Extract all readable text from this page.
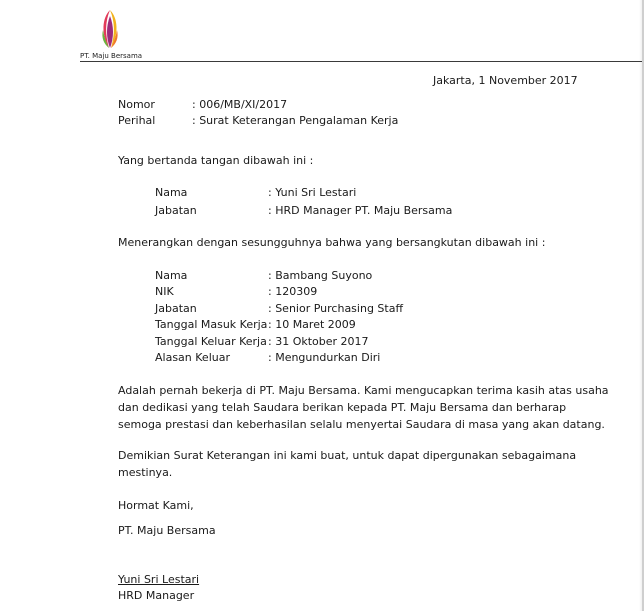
PT. Maju Bersama
Jakarta, 1 November 2017
Nomor	: 006/MB/XI/2017
Perihal	: Surat Keterangan Pengalaman Kerja
Yang bertanda tangan dibawah ini :
Nama	: Yuni Sri Lestari
Jabatan	: HRD Manager PT. Maju Bersama
Menerangkan dengan sesungguhnya bahwa yang bersangkutan dibawah ini :
Nama	: Bambang Suyono
NIK	: 120309
Jabatan	: Senior Purchasing Staff
Tanggal Masuk Kerja : 10 Maret 2009
Tanggal Keluar Kerja : 31 Oktober 2017
Alasan Keluar	: Mengundurkan Diri
Adalah pernah bekerja di PT. Maju Bersama. Kami mengucapkan terima kasih atas usaha
dan dedikasi yang telah Saudara berikan kepada PT. Maju Bersama dan berharap
semoga prestasi dan keberhasilan selalu menyertai Saudara di masa yang akan datang.
Demikian Surat Keterangan ini kami buat, untuk dapat dipergunakan sebagaimana
mestinya.
Hormat Kami,
PT. Maju Bersama
Yuni Sri Lestari
HRD Manager
